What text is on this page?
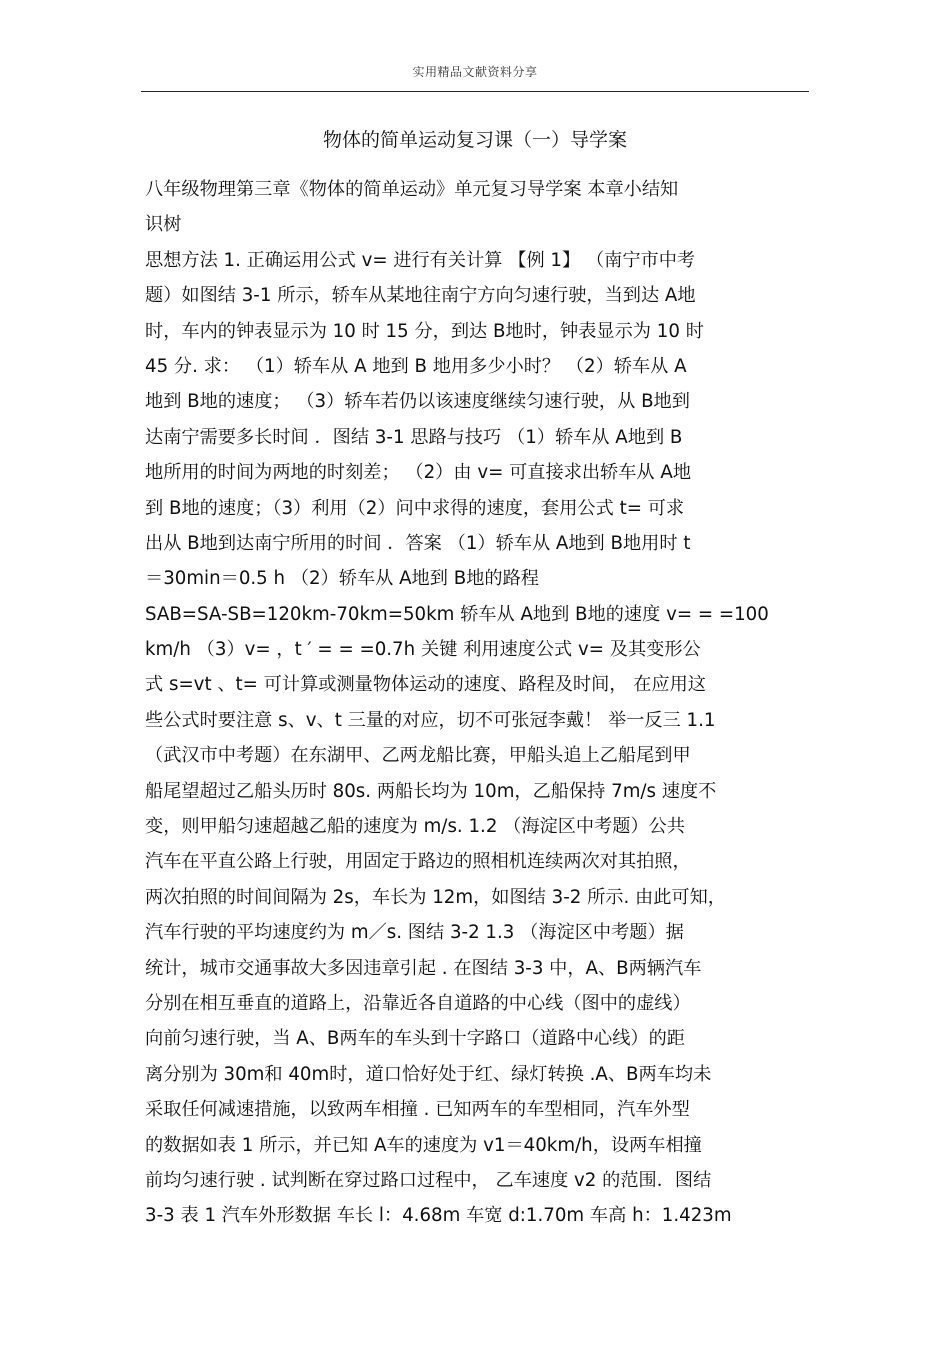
实用精品文献资料分享
物体的简单运动复习课（一）导学案
八年级物理第三章《物体的简单运动》单元复习导学案 本章小结知
识树
思想方法 1. 正确运用公式 v= 进行有关计算 【例 1】 （南宁市中考
题）如图结 3-1 所示，轿车从某地往南宁方向匀速行驶，当到达 A地
时，车内的钟表显示为 10 时 15 分，到达 B地时，钟表显示为 10 时
45 分. 求： （1）轿车从 A 地到 B 地用多少小时？ （2）轿车从 A
地到 B地的速度； （3）轿车若仍以该速度继续匀速行驶，从 B地到
达南宁需要多长时间 ．图结 3-1 思路与技巧 （1）轿车从 A地到 B
地所用的时间为两地的时刻差； （2）由 v= 可直接求出轿车从 A地
到 B地的速度；（3）利用（2）问中求得的速度，套用公式 t= 可求
出从 B地到达南宁所用的时间 ．答案 （1）轿车从 A地到 B地用时 t
＝30min＝0.5 h （2）轿车从 A地到 B地的路程
SAB=SA-SB=120km-70km=50km 轿车从 A地到 B地的速度 v= = =100
km/h （3）v= ，t ′ = = =0.7h 关键 利用速度公式 v= 及其变形公
式 s=vt 、t= 可计算或测量物体运动的速度、路程及时间， 在应用这
些公式时要注意 s、v、t 三量的对应，切不可张冠李戴！ 举一反三 1.1
（武汉市中考题）在东湖甲、乙两龙船比赛，甲船头追上乙船尾到甲
船尾望超过乙船头历时 80s. 两船长均为 10m，乙船保持 7m/s 速度不
变，则甲船匀速超越乙船的速度为 m/s. 1.2 （海淀区中考题）公共
汽车在平直公路上行驶，用固定于路边的照相机连续两次对其拍照，
两次拍照的时间间隔为 2s，车长为 12m，如图结 3-2 所示. 由此可知，
汽车行驶的平均速度约为 m／s. 图结 3-2 1.3 （海淀区中考题）据
统计，城市交通事故大多因违章引起 . 在图结 3-3 中，A、B两辆汽车
分别在相互垂直的道路上，沿靠近各自道路的中心线（图中的虚线）
向前匀速行驶，当 A、B两车的车头到十字路口（道路中心线）的距
离分别为 30m和 40m时，道口恰好处于红、绿灯转换 .A、B两车均未
采取任何减速措施，以致两车相撞 . 已知两车的车型相同，汽车外型
的数据如表 1 所示，并已知 A车的速度为 v1＝40km/h，设两车相撞
前均匀速行驶 . 试判断在穿过路口过程中， 乙车速度 v2 的范围．图结
3-3 表 1 汽车外形数据 车长 l：4.68m 车宽 d:1.70m 车高 h：1.423m
